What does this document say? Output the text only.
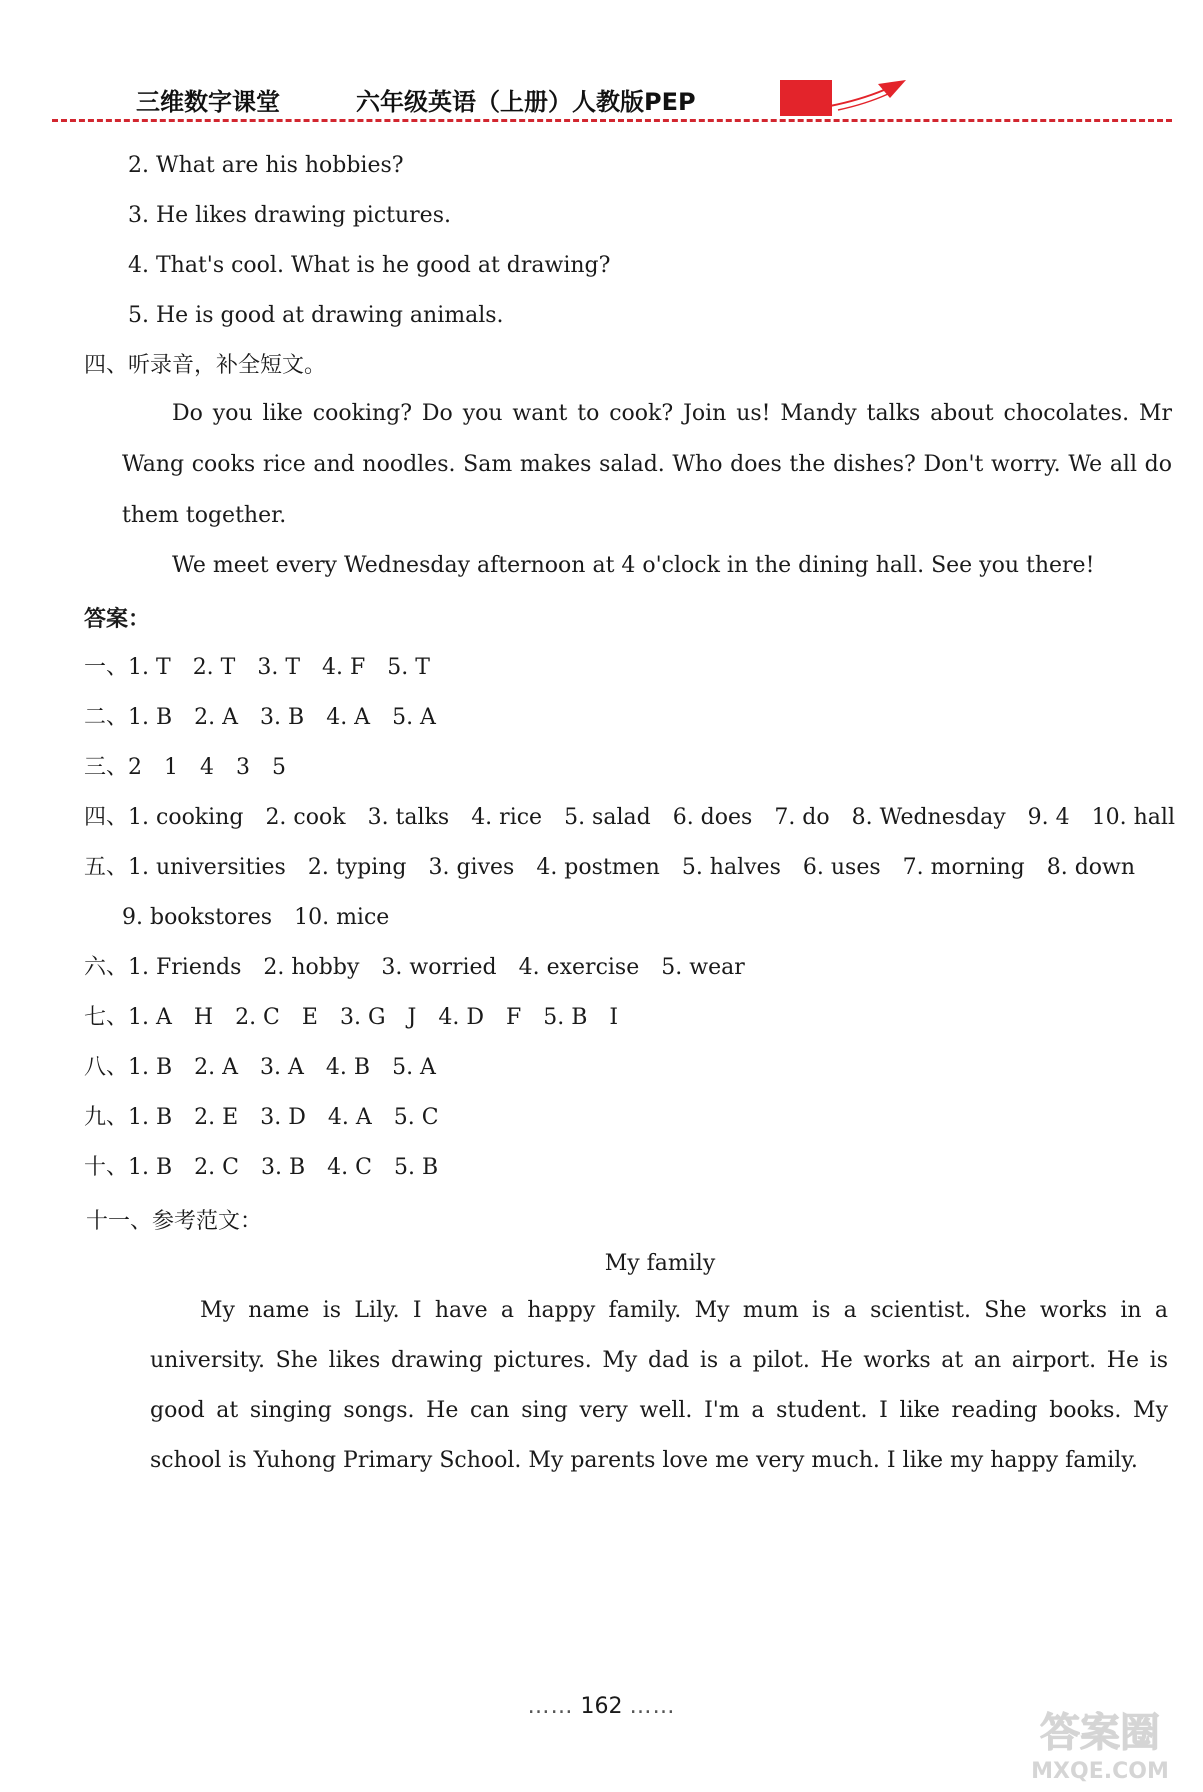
三维数字课堂	六年级英语（上册）人教版PEP
2. What are his hobbies?
3. He likes drawing pictures.
4. That's cool. What is he good at drawing?
5. He is good at drawing animals.
四、听录音，补全短文。
Do you like cooking? Do you want to cook? Join us! Mandy talks about chocolates. Mr Wang cooks rice and noodles. Sam makes salad. Who does the dishes? Don't worry. We all do them together.
We meet every Wednesday afternoon at 4 o'clock in the dining hall. See you there!
答案：
一、1. T 2. T 3. T 4. F 5. T
二、1. B 2. A 3. B 4. A 5. A
三、2 1 4 3 5
四、1. cooking 2. cook 3. talks 4. rice 5. salad 6. does 7. do 8. Wednesday 9. 4 10. hall
五、1. universities 2. typing 3. gives 4. postmen 5. halves 6. uses 7. morning 8. down
9. bookstores 10. mice
六、1. Friends 2. hobby 3. worried 4. exercise 5. wear
七、1. A H 2. C E 3. G J 4. D F 5. B I
八、1. B 2. A 3. A 4. B 5. A
九、1. B 2. E 3. D 4. A 5. C
十、1. B 2. C 3. B 4. C 5. B
十一、参考范文：
My family
My name is Lily. I have a happy family. My mum is a scientist. She works in a university. She likes drawing pictures. My dad is a pilot. He works at an airport. He is good at singing songs. He can sing very well. I'm a student. I like reading books. My school is Yuhong Primary School. My parents love me very much. I like my happy family.
…… 162 ……
答案圈
MXQE.COM
